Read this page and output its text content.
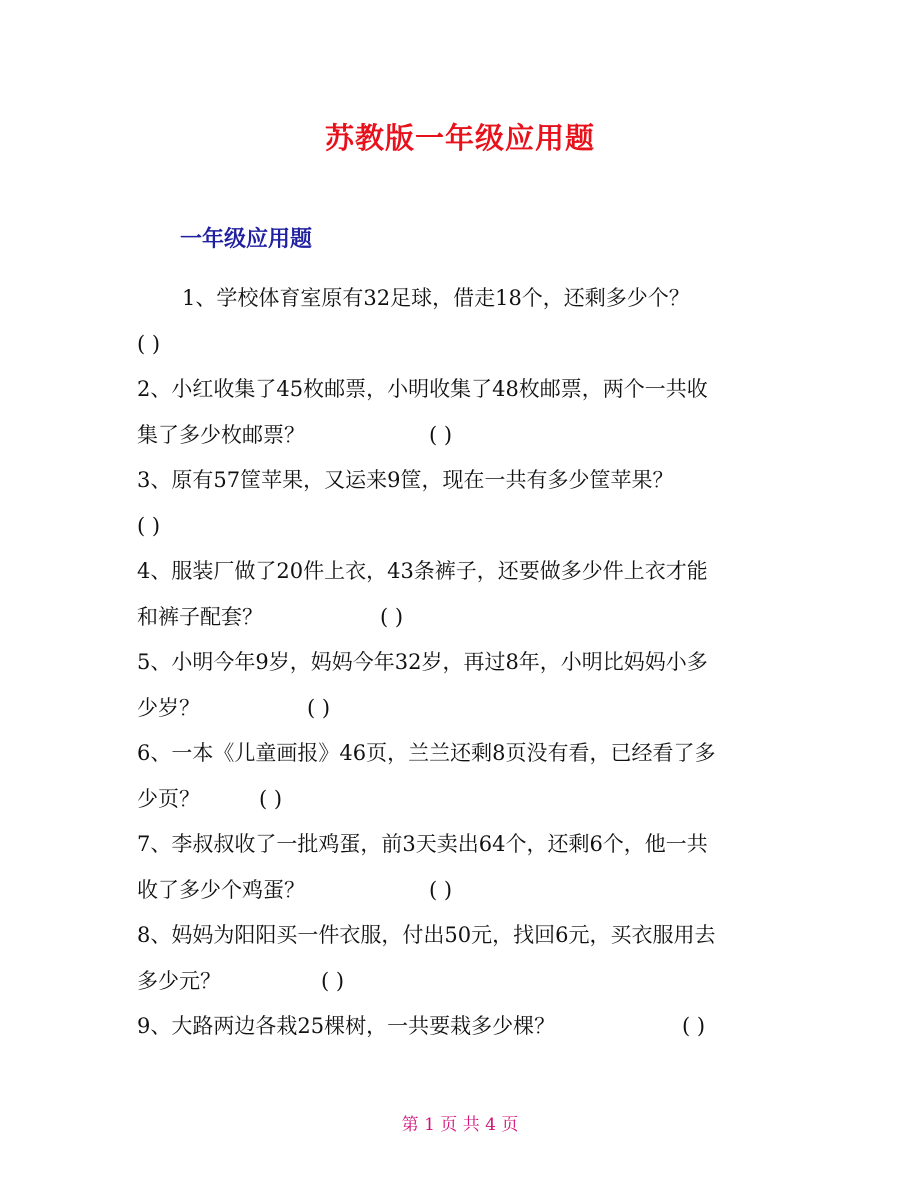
苏教版一年级应用题
一年级应用题
1、学校体育室原有32足球，借走18个，还剩多少个？
( )
2、小红收集了45枚邮票，小明收集了48枚邮票，两个一共收
集了多少枚邮票？	( )
3、原有57筐苹果，又运来9筐，现在一共有多少筐苹果？
( )
4、服装厂做了20件上衣，43条裤子，还要做多少件上衣才能
和裤子配套？	( )
5、小明今年9岁，妈妈今年32岁，再过8年，小明比妈妈小多
少岁？	( )
6、一本《儿童画报》46页，兰兰还剩8页没有看，已经看了多
少页？	( )
7、李叔叔收了一批鸡蛋，前3天卖出64个，还剩6个，他一共
收了多少个鸡蛋？	( )
8、妈妈为阳阳买一件衣服，付出50元，找回6元，买衣服用去
多少元？	( )
9、大路两边各栽25棵树，一共要栽多少棵？	( )
第 1 页 共 4 页
